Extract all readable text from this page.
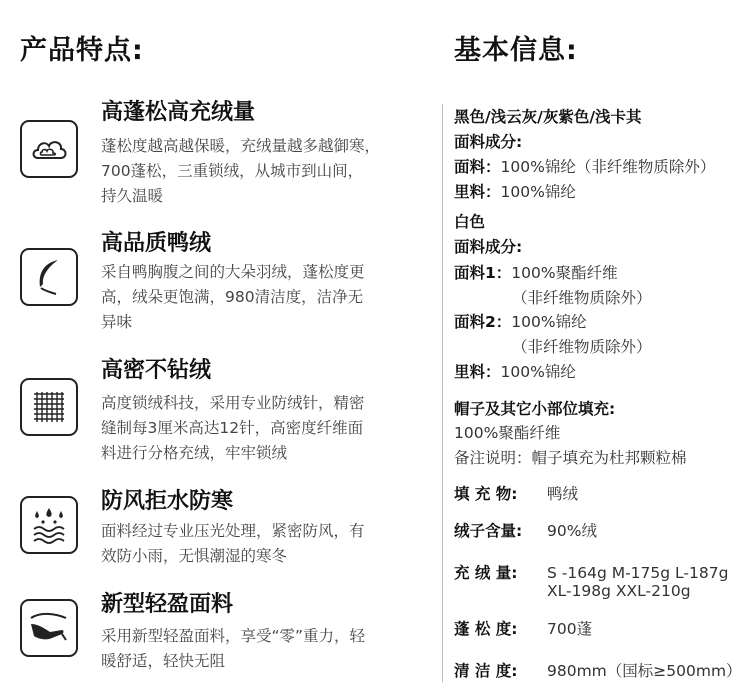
产品特点:
高蓬松高充绒量
蓬松度越高越保暖，充绒量越多越御寒，
700蓬松，三重锁绒，从城市到山间，
持久温暖
高品质鸭绒
采自鸭胸腹之间的大朵羽绒，蓬松度更
高，绒朵更饱满，980清洁度，洁净无
异味
高密不钻绒
高度锁绒科技，采用专业防绒针，精密
缝制每3厘米高达12针，高密度纤维面
料进行分格充绒，牢牢锁绒
防风拒水防寒
面料经过专业压光处理，紧密防风，有
效防小雨，无惧潮湿的寒冬
新型轻盈面料
采用新型轻盈面料，享受“零”重力，轻
暖舒适，轻快无阻
基本信息:
黑色/浅云灰/灰紫色/浅卡其
面料成分:
面料：100%锦纶（非纤维物质除外）
里料：100%锦纶
白色
面料成分:
面料1：100%聚酯纤维
（非纤维物质除外）
面料2：100%锦纶
（非纤维物质除外）
里料：100%锦纶
帽子及其它小部位填充:
100%聚酯纤维
备注说明：帽子填充为杜邦颗粒棉
填 充 物: 鸭绒
绒子含量: 90%绒
充 绒 量: S -164g M-175g L-187g
XL-198g XXL-210g
蓬 松 度: 700蓬
清 洁 度: 980mm（国标≥500mm）
